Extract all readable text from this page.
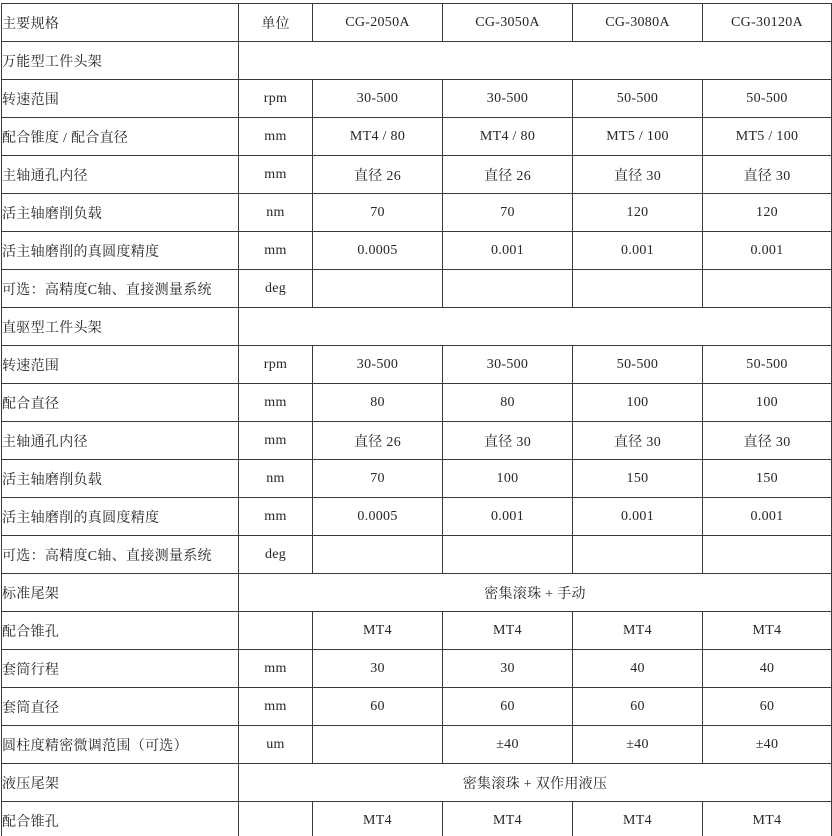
主要规格	单位	CG-2050A	CG-3050A	CG-3080A	CG-30120A
万能型工件头架					
转速范围	rpm	30-500	30-500	50-500	50-500
配合锥度 / 配合直径	mm	MT4 / 80	MT4 / 80	MT5 / 100	MT5 / 100
主轴通孔内径	mm	直径 26	直径 26	直径 30	直径 30
活主轴磨削负载	nm	70	70	120	120
活主轴磨削的真圆度精度	mm	0.0005	0.001	0.001	0.001
可选：高精度C轴、直接测量系统	deg				
直驱型工件头架					
转速范围	rpm	30-500	30-500	50-500	50-500
配合直径	mm	80	80	100	100
主轴通孔内径	mm	直径 26	直径 30	直径 30	直径 30
活主轴磨削负载	nm	70	100	150	150
活主轴磨削的真圆度精度	mm	0.0005	0.001	0.001	0.001
可选：高精度C轴、直接测量系统	deg				
标准尾架	密集滚珠 + 手动				
配合锥孔		MT4	MT4	MT4	MT4
套筒行程	mm	30	30	40	40
套筒直径	mm	60	60	60	60
圆柱度精密微调范围（可选）	um		±40	±40	±40
液压尾架	密集滚珠 + 双作用液压				
配合锥孔		MT4	MT4	MT4	MT4
